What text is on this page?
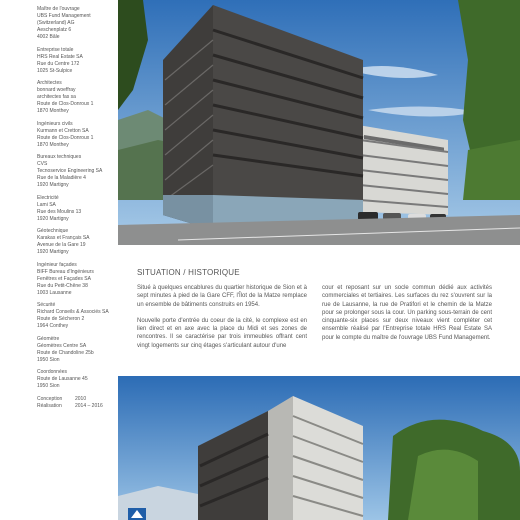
Maître de l'ouvrage
UBS Fund Management
(Switzerland) AG
Aeschenplatz 6
4002 Bâle
Entreprise totale
HRS Real Estate SA
Rue du Centre 172
1025 St-Sulpice
Architectes
bonnard woeffray
architectes fas sa
Route de Clos-Donroux 1
1870 Monthey
Ingénieurs civils
Kurmann et Cretton SA
Route de Clos-Donroux 1
1870 Monthey
Bureaux techniques
CVS
Tecnoservice Engineering SA
Rue de la Maladière 4
1920 Martigny
Electricité
Lami SA
Rue des Moulins 13
1920 Martigny
Géotechnique
Karakas et Français SA
Avenue de la Gare 19
1920 Martigny
Ingénieur façades
BIFF Bureau d'Ingénieurs
Fenêtres et Façades SA
Rue du Petit-Chêne 38
1003 Lausanne
Sécurité
Richard Conseils & Associés SA
Route de Sécheron 2
1964 Conthey
Géomètre
Géomètres Centre SA
Route de Chandoline 25b
1950 Sion
Coordonnées
Route de Lausanne 45
1950 Sion
Conception	2010
Réalisation	2014 – 2016
SITUATION / HISTORIQUE

Situé à quelques encablures du quartier historique de Sion et à sept minutes à pied de la Gare CFF, l'Îlot de la Matze remplace un ensemble de bâtiments construits en 1954.

Nouvelle porte d'entrée du coeur de la cité, le complexe est en lien direct et en axe avec la place du Midi et ses zones de rencontres. Il se caractérise par trois immeubles offrant cent vingt logements sur cinq étages s'articulant autour d'une

cour et reposant sur un socle commun dédié aux activités commerciales et tertiaires. Les surfaces du rez s'ouvrent sur la rue de Lausanne, la rue de Pratifori et le chemin de la Matze pour se prolonger sous la cour. Un parking sous-terrain de cent cinquante-six places sur deux niveaux vient compléter cet ensemble réalisé par l'Entreprise totale HRS Real Estate SA pour le compte du maître de l'ouvrage UBS Fund Management.
